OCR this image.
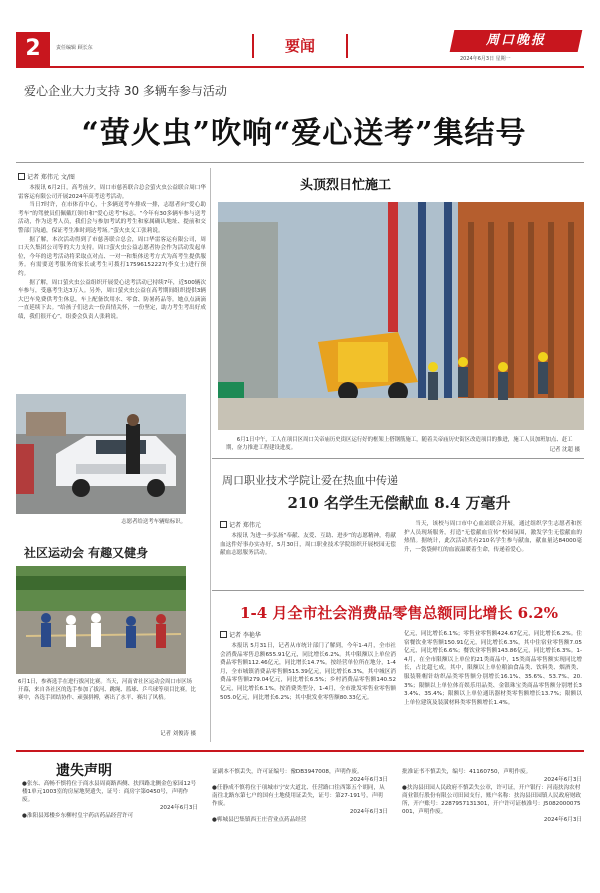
2	责任编辑 顾长东	要闻	周口晚报
2024年6月3日 星期一
爱心企业大力支持 30 多辆车参与活动
“萤火虫”吹响“爱心送考”集结号
记者 郑伟元 文/图

本报讯 6月2日，高考前夕，周口市慈善联合总会萤火虫公益联合周口华雷客运有限公司开展2024年高考送考活动。

当日7时许，在市体育中心，十多辆送考车排成一排，志愿者向“爱心助考车”的驾驶员们佩戴红领巾和“爱心送考”标志。“今年有30多辆车参与送考活动，作为送考人员，我们会与参加考试的考生和家属确认地址、提前和交警部门沟通，保证考生准时到达考场。”萤火虫义工张莉说。

据了解，本次活动得到了市慈善联合总会，周口华雷客运有限公司，周口天久集团公司等的大力支持。周口萤火虫公益志愿者协会作为活动发起单位，今年的送考活动将采取点对点、一对一和集体送考方式为高考生提供服务。有需要送考服务的家长或考生可拨打17596152227(李女士)进行预约。

据了解，周口萤火虫公益组织开展爱心送考活动已持续7年，近500辆次车参与，受惠考生达3万人。另外，周口萤火虫公益在高考期间组织提供3辆大巴车免费供考生休息，车上配备饮用水、零食、防暑药品等。她点点滴滴一直延续下去。“给孩子们送去一份真情关怀，一份坚定，助力考生考出好成绩，我们很开心”，组委会负责人张莉说。

志愿者给送考车辆贴标识。
社区运动会 有趣又健身
6月1日，参赛选手在进行拔河比赛。当天，河南省社区运动会周口市区场开幕，来自各社区的选手参加了拔河、跳绳、篮球、乒乓球等项目比赛。比赛中，各选手团结协作、顽强拼搏，赛出了水平、赛出了风格。
记者 刘俊涛 摄
头顶烈日忙施工
6月1日中午，工人在项目区周口关帝庙历史街区运行好的框架上搭钢筋施工，随着关帝庙历史街区改造项目的推进，施工人员加班加点、赶工期，奋力推进工程建设进度。	记者 沈超 摄
周口职业技术学院让爱在热血中传递
210 名学生无偿献血 8.4 万毫升
记者 郑伟元
本报讯 为进一步弘扬“奉献、友爱、互助、进步”的志愿精神，将献血这件好事办实办好，5月30日，周口职业技术学院组织开展校园无偿献血志愿服务活动。
当天，该校与周口市中心血站联合开展，通过组织学生志愿者和医护人员现场服务，打造“无偿献血宣传”校园氛围，激发学生无偿献血的热情。据统计，此次活动共有210名学生参与献血，献血量达84000毫升，一袋袋鲜红的血液温暖着生命，传递着爱心。
1-4 月全市社会消费品零售总额同比增长 6.2%
记者 李艳华
本报讯 5月31日，记者从市统计部门了解到，今年1-4月，全市社会消费品零售总额655.91亿元，同比增长6.2%。其中限额以上单位消费品零售额112.46亿元，同比增长14.7%。按经营单位所在地分，1-4月，全市城镇消费品零售额515.39亿元，同比增长6.3%，其中城区消费品零售额279.04亿元，同比增长6.5%；乡村消费品零售额140.52亿元，同比增长6.1%。按消费类型分，1-4月，全市批发零售业零售额505.0亿元，同比增长6.2%；其中批发业零售额80.33亿元。
亿元，同比增长6.1%；零售业零售额424.67亿元，同比增长6.2%。住宿餐饮业零售额150.91亿元，同比增长6.3%，其中住宿业零售额7.05亿元，同比增长6.6%；餐饮业零售额143.86亿元，同比增长6.3%。1-4月，在全市限额以上单位的21类商品中，15类商品零售额实现同比增长，占比超七成。其中，限额以上单位粮油食品类、饮料类、烟酒类、服装鞋帽针纺织品类零售额分别增长16.1%、35.6%、53.7%、20.3%；限额以上单位体育娱乐用品类、金银珠宝类商品零售额分别增长33.4%、35.4%；限额以上单位通讯器材类零售额增长13.7%；限额以上单位建筑及装潢材料类零售额增长1.4%。
遗失声明

●张东、高畅不慎将位于商水县周商路西侧、扶四路北侧金色家园12号楼1单元1003室的房屋地契遗失，证号：商房字第0450号，声明作废。

2024年6月3日

●淮阳县郑楼乡东柳村皇宇药店药品经营许可

证副本不慎丢失，许可证编号：豫DB3947008，声明作废。

2024年6月3日

●任静成不慎将位于项城市宁安大道北、任营路口往西第五个胡同，从南往北路东第七户的国有土地使用证丢失，证号：第27-191号，声明作废。

2024年6月3日

●郸城县巴集镇西王庄营业点药品经营

批准证书不慎丢失，编号：41160750，声明作废。

2024年6月3日

●扶沟县田园人民政府不慎丢失公章，许可证，开户银行：河南扶沟农村商业银行股份有限公司田园支行，账户名称：扶沟县田园镇人民政府财政所，开户账号：2287957131301，开户许可证核准号：J5082000075001，声明作废。

2024年6月3日
